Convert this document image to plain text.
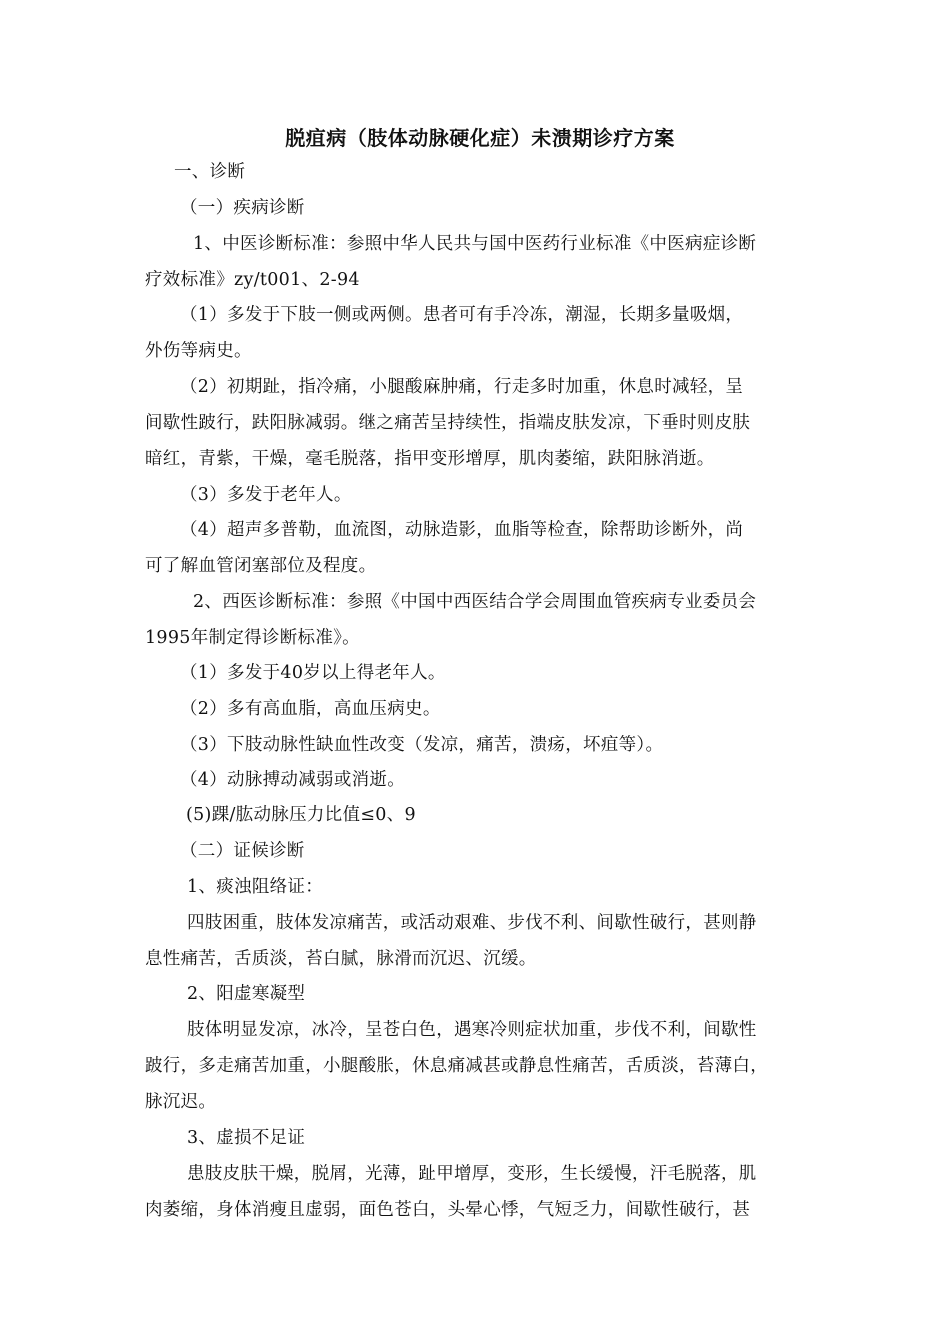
脱疽病（肢体动脉硬化症）未溃期诊疗方案
一、诊断
（一）疾病诊断
1、中医诊断标准：参照中华人民共与国中医药行业标准《中医病症诊断
疗效标准》zy/t001、2-94
（1）多发于下肢一侧或两侧。患者可有手冷冻，潮湿，长期多量吸烟，
外伤等病史。
（2）初期趾，指冷痛，小腿酸麻肿痛，行走多时加重，休息时减轻，呈
间歇性跛行，趺阳脉减弱。继之痛苦呈持续性，指端皮肤发凉，下垂时则皮肤
暗红，青紫，干燥，毫毛脱落，指甲变形增厚，肌肉萎缩，趺阳脉消逝。
（3）多发于老年人。
（4）超声多普勒，血流图，动脉造影，血脂等检查，除帮助诊断外，尚
可了解血管闭塞部位及程度。
2、西医诊断标准：参照《中国中西医结合学会周围血管疾病专业委员会
1995年制定得诊断标准》。
（1）多发于40岁以上得老年人。
（2）多有高血脂，高血压病史。
（3）下肢动脉性缺血性改变（发凉，痛苦，溃疡，坏疽等）。
（4）动脉搏动减弱或消逝。
(5)踝/肱动脉压力比值≤0、9
（二）证候诊断
1、痰浊阻络证：
四肢困重，肢体发凉痛苦，或活动艰难、步伐不利、间歇性破行，甚则静
息性痛苦，舌质淡，苔白腻，脉滑而沉迟、沉缓。
2、阳虚寒凝型
肢体明显发凉，冰冷，呈苍白色，遇寒冷则症状加重，步伐不利，间歇性
跛行，多走痛苦加重，小腿酸胀，休息痛减甚或静息性痛苦，舌质淡，苔薄白，
脉沉迟。
3、虚损不足证
患肢皮肤干燥，脱屑，光薄，趾甲增厚，变形，生长缓慢，汗毛脱落，肌
肉萎缩，身体消瘦且虚弱，面色苍白，头晕心悸，气短乏力，间歇性破行，甚
